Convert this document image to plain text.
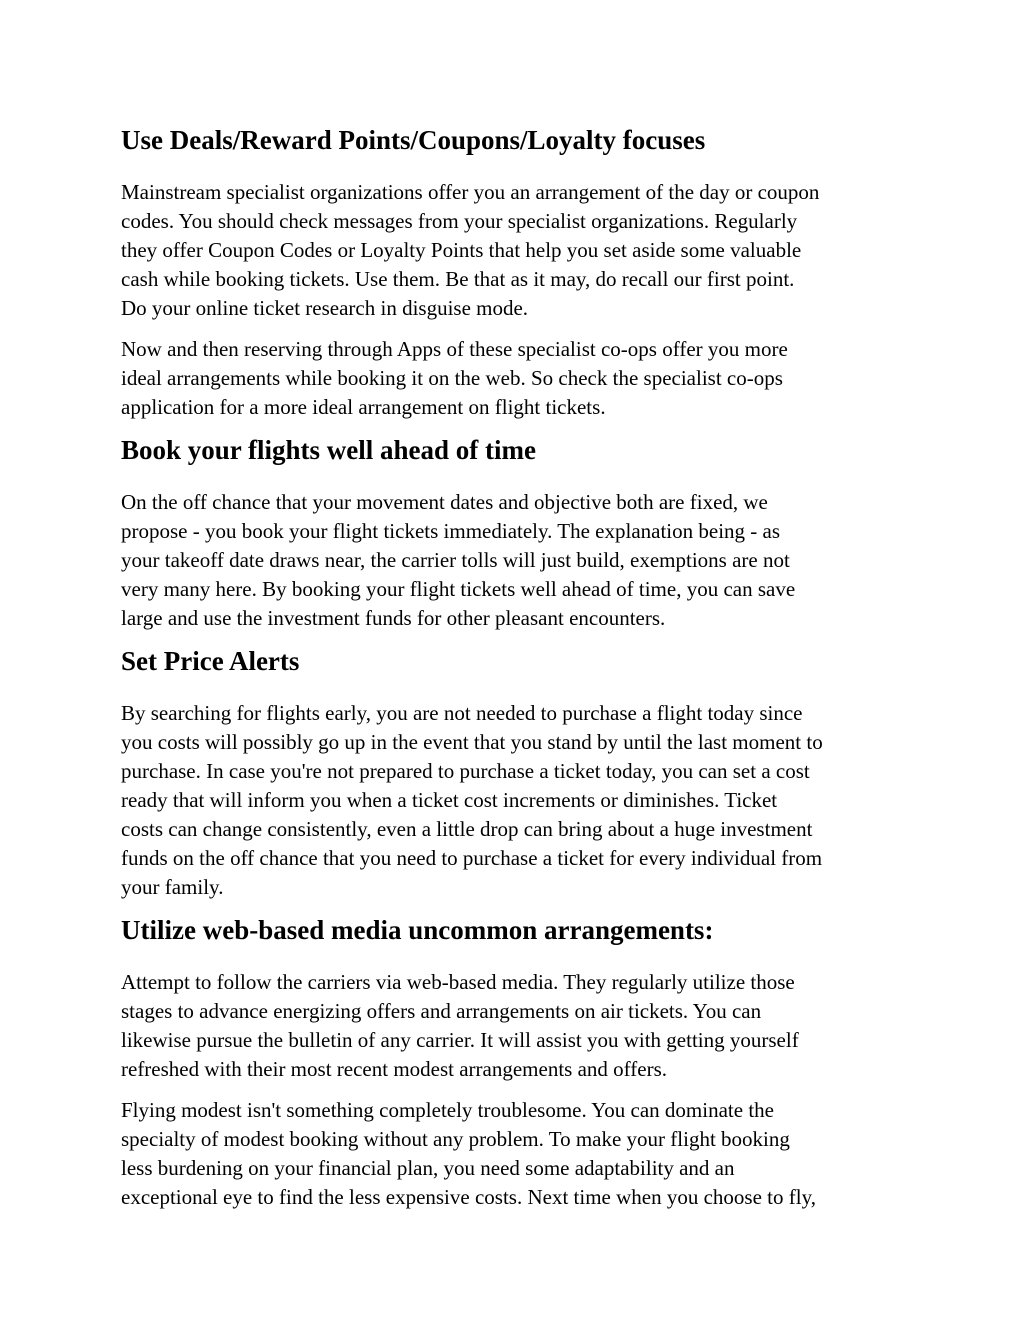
Use Deals/Reward Points/Coupons/Loyalty focuses

Mainstream specialist organizations offer you an arrangement of the day or coupon
codes. You should check messages from your specialist organizations. Regularly
they offer Coupon Codes or Loyalty Points that help you set aside some valuable
cash while booking tickets. Use them. Be that as it may, do recall our first point.
Do your online ticket research in disguise mode.

Now and then reserving through Apps of these specialist co-ops offer you more
ideal arrangements while booking it on the web. So check the specialist co-ops
application for a more ideal arrangement on flight tickets.

Book your flights well ahead of time

On the off chance that your movement dates and objective both are fixed, we
propose - you book your flight tickets immediately. The explanation being - as
your takeoff date draws near, the carrier tolls will just build, exemptions are not
very many here. By booking your flight tickets well ahead of time, you can save
large and use the investment funds for other pleasant encounters.

Set Price Alerts

By searching for flights early, you are not needed to purchase a flight today since
you costs will possibly go up in the event that you stand by until the last moment to
purchase. In case you're not prepared to purchase a ticket today, you can set a cost
ready that will inform you when a ticket cost increments or diminishes. Ticket
costs can change consistently, even a little drop can bring about a huge investment
funds on the off chance that you need to purchase a ticket for every individual from
your family.

Utilize web-based media uncommon arrangements:

Attempt to follow the carriers via web-based media. They regularly utilize those
stages to advance energizing offers and arrangements on air tickets. You can
likewise pursue the bulletin of any carrier. It will assist you with getting yourself
refreshed with their most recent modest arrangements and offers.

Flying modest isn't something completely troublesome. You can dominate the
specialty of modest booking without any problem. To make your flight booking
less burdening on your financial plan, you need some adaptability and an
exceptional eye to find the less expensive costs. Next time when you choose to fly,
